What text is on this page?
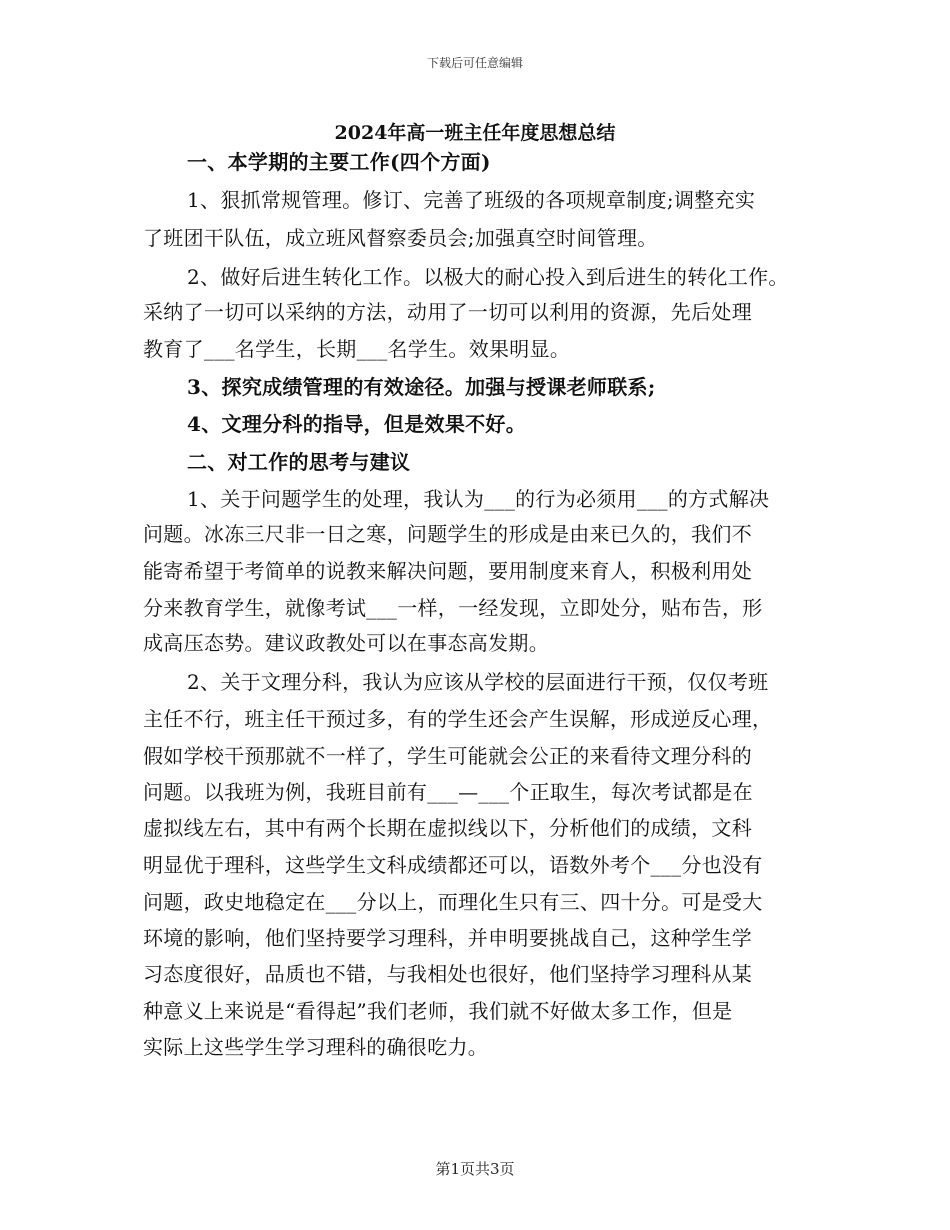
下载后可任意编辑
2024年高一班主任年度思想总结
一、本学期的主要工作(四个方面)
1、狠抓常规管理。修订、完善了班级的各项规章制度;调整充实
了班团干队伍，成立班风督察委员会;加强真空时间管理。
2、做好后进生转化工作。以极大的耐心投入到后进生的转化工作。
采纳了一切可以采纳的方法，动用了一切可以利用的资源，先后处理
教育了___名学生，长期___名学生。效果明显。
3、探究成绩管理的有效途径。加强与授课老师联系;
4、文理分科的指导，但是效果不好。
二、对工作的思考与建议
1、关于问题学生的处理，我认为___的行为必须用___的方式解决
问题。冰冻三尺非一日之寒，问题学生的形成是由来已久的，我们不
能寄希望于考简单的说教来解决问题，要用制度来育人，积极利用处
分来教育学生，就像考试___一样，一经发现，立即处分，贴布告，形
成高压态势。建议政教处可以在事态高发期。
2、关于文理分科，我认为应该从学校的层面进行干预，仅仅考班
主任不行，班主任干预过多，有的学生还会产生误解，形成逆反心理，
假如学校干预那就不一样了，学生可能就会公正的来看待文理分科的
问题。以我班为例，我班目前有___—___个正取生，每次考试都是在
虚拟线左右，其中有两个长期在虚拟线以下，分析他们的成绩，文科
明显优于理科，这些学生文科成绩都还可以，语数外考个___分也没有
问题，政史地稳定在___分以上，而理化生只有三、四十分。可是受大
环境的影响，他们坚持要学习理科，并申明要挑战自己，这种学生学
习态度很好，品质也不错，与我相处也很好，他们坚持学习理科从某
种意义上来说是“看得起”我们老师，我们就不好做太多工作，但是
实际上这些学生学习理科的确很吃力。
第1页共3页
